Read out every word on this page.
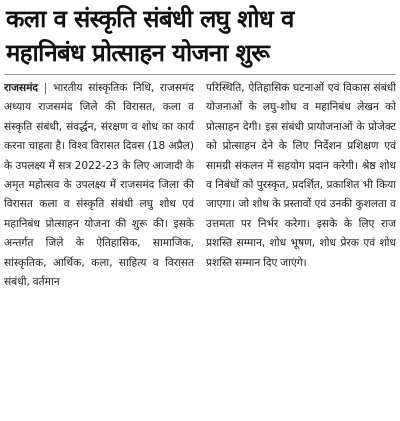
कला व संस्कृति संबंधी लघु शोध व
महानिबंध प्रोत्साहन योजना शुरू
राजसमंद | भारतीय सांस्कृतिक निधि, राजसमंद अध्याय राजसमंद जिले की विरासत, कला व संस्कृति संबंधी, संवर्द्धन, संरक्षण व शोध का कार्य करना चाहता है। विश्व विरासत दिवस (18 अप्रैल) के उपलक्ष्य में सत्र 2022-23 के लिए आजादी के अमृत महोत्सव के उपलक्ष्य में राजसमंद जिला की विरासत कला व संस्कृति संबंधी लघु शोध एवं महानिबंध प्रोत्साहन योजना की शुरू की। इसके अन्तर्गत जिले के ऐतिहासिक, सामाजिक, सांस्कृतिक, आर्थिक, कला, साहित्य व विरासत संबंधी, वर्तमान
परिस्थिति, ऐतिहासिक घटनाओं एवं विकास संबंधी योजनाओं के लघु-शोध व महानिबंध लेखन को प्रोत्साहन देगी। इस संबंधी प्रायोजनाओं के प्रोजेक्ट को प्रोत्साहन देने के लिए निर्देशन प्रशिक्षण एवं सामग्री संकलन में सहयोग प्रदान करेगी। श्रेष्ठ शोध व निबंधों को पुरस्कृत, प्रदर्शित, प्रकाशित भी किया जाएगा। जो शोध के प्रस्तावों एवं उनकी कुशलता व उत्तमता पर निर्भर करेगा। इसके के लिए राज प्रशस्ति सम्मान, शोध भूषण, शोध प्रेरक एवं शोध प्रशस्ति सम्मान दिए जाएंगे।
